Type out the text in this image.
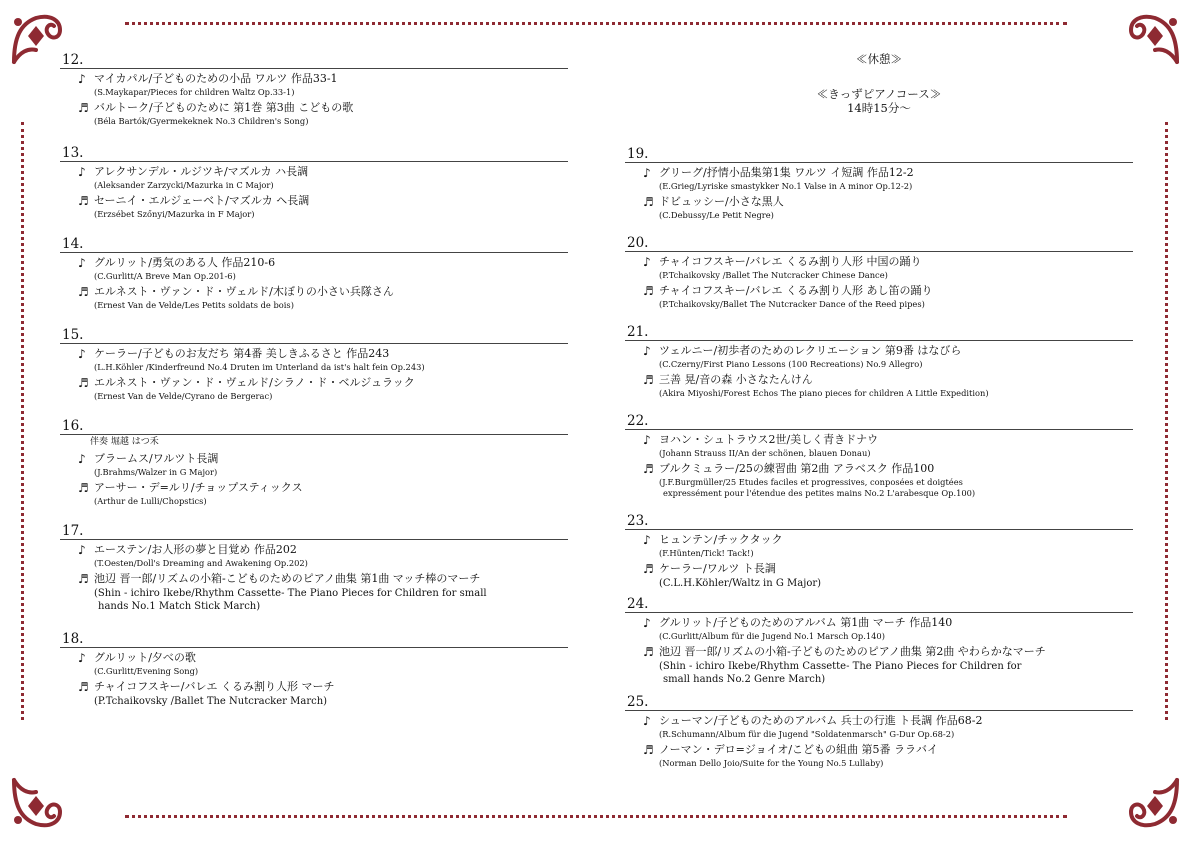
≪休憩≫
≪きっずピアノコース≫
14時15分〜
12.
♪ マイカパル/子どものための小品 ワルツ 作品33-1
(S.Maykapar/Pieces for children Waltz Op.33-1)
♬ バルトーク/子どものために 第1巻 第3曲 こどもの歌
(Béla Bartók/Gyermekeknek No.3 Children's Song)
13.
♪ アレクサンデル・ルジツキ/マズルカ ハ長調
(Aleksander Zarzycki/Mazurka in C Major)
♬ セーニイ・エルジェーベト/マズルカ ヘ長調
(Erzsébet Szőnyi/Mazurka in F Major)
14.
♪ グルリット/勇気のある人 作品210-6
(C.Gurlitt/A Breve Man Op.201-6)
♬ エルネスト・ヴァン・ド・ヴェルド/木ぼりの小さい兵隊さん
(Ernest Van de Velde/Les Petits soldats de bois)
15.
♪ ケーラー/子どものお友だち 第4番 美しきふるさと 作品243
(L.H.Köhler /Kinderfreund No.4 Druten im Unterland da ist's halt fein Op.243)
♬ エルネスト・ヴァン・ド・ヴェルド/シラノ・ド・ベルジュラック
(Ernest Van de Velde/Cyrano de Bergerac)
16.
伴奏 堀越 はつ禾
♪ ブラームス/ワルツト長調
(J.Brahms/Walzer in G Major)
♬ アーサー・デ=ルリ/チョップスティックス
(Arthur de Lulli/Chopstics)
17.
♪ エーステン/お人形の夢と目覚め 作品202
(T.Oesten/Doll's Dreaming and Awakening Op.202)
♬ 池辺 晋一郎/リズムの小箱-こどものためのピアノ曲集 第1曲 マッチ棒のマーチ
(Shin - ichiro Ikebe/Rhythm Cassette- The Piano Pieces for Children for small
hands No.1 Match Stick March)
18.
♪ グルリット/夕べの歌
(C.Gurlitt/Evening Song)
♬ チャイコフスキー/バレエ くるみ割り人形 マーチ
(P.Tchaikovsky /Ballet The Nutcracker March)
19.
♪ グリーグ/抒情小品集第1集 ワルツ イ短調 作品12-2
(E.Grieg/Lyriske smastykker No.1 Valse in A minor Op.12-2)
♬ ドビュッシー/小さな黒人
(C.Debussy/Le Petit Negre)
20.
♪ チャイコフスキー/バレエ くるみ割り人形 中国の踊り
(P.Tchaikovsky /Ballet The Nutcracker Chinese Dance)
♬ チャイコフスキー/バレエ くるみ割り人形 あし笛の踊り
(P.Tchaikovsky/Ballet The Nutcracker Dance of the Reed pipes)
21.
♪ ツェルニー/初歩者のためのレクリエーション 第9番 はなびら
(C.Czerny/First Piano Lessons (100 Recreations) No.9 Allegro)
♬ 三善 晃/音の森 小さなたんけん
(Akira Miyoshi/Forest Echos The piano pieces for children A Little Expedition)
22.
♪ ヨハン・シュトラウス2世/美しく青きドナウ
(Johann Strauss II/An der schönen, blauen Donau)
♬ ブルクミュラー/25の練習曲 第2曲 アラベスク 作品100
(J.F.Burgmüller/25 Etudes faciles et progressives, conposées et doigtées
expressément pour l'étendue des petites mains No.2 L'arabesque Op.100)
23.
♪ ヒュンテン/チックタック
(F.Hünten/Tick! Tack!)
♬ ケーラー/ワルツ ト長調
(C.L.H.Köhler/Waltz in G Major)
24.
♪ グルリット/子どものためのアルバム 第1曲 マーチ 作品140
(C.Gurlitt/Album für die Jugend No.1 Marsch Op.140)
♬ 池辺 晋一郎/リズムの小箱-子どものためのピアノ曲集 第2曲 やわらかなマーチ
(Shin - ichiro Ikebe/Rhythm Cassette- The Piano Pieces for Children for
small hands No.2 Genre March)
25.
♪ シューマン/子どものためのアルバム 兵士の行進 ト長調 作品68-2
(R.Schumann/Album für die Jugend "Soldatenmarsch" G-Dur Op.68-2)
♬ ノーマン・デロ=ジョイオ/こどもの組曲 第5番 ララバイ
(Norman Dello Joio/Suite for the Young No.5 Lullaby)
